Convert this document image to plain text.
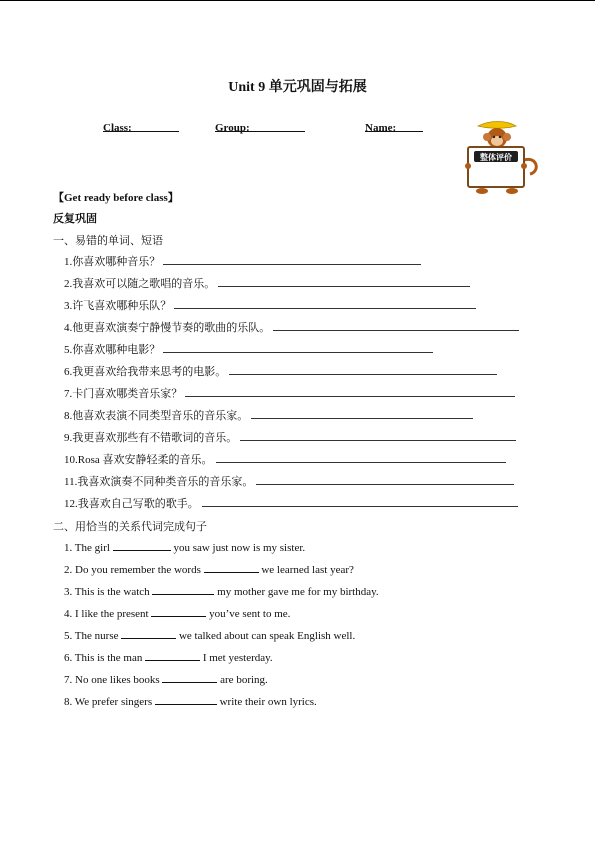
Unit 9 单元巩固与拓展
Class:	Group:	Name:
整体评价
【Get ready before class】
反复巩固
一、易错的单词、短语
1.你喜欢哪种音乐？
2.我喜欢可以随之歌唱的音乐。
3.许飞喜欢哪种乐队？
4.他更喜欢演奏宁静慢节奏的歌曲的乐队。
5.你喜欢哪种电影？
6.我更喜欢给我带来思考的电影。
7.卡门喜欢哪类音乐家？
8.他喜欢表演不同类型音乐的音乐家。
9.我更喜欢那些有不错歌词的音乐。
10.Rosa 喜欢安静轻柔的音乐。
11.我喜欢演奏不同种类音乐的音乐家。
12.我喜欢自己写歌的歌手。
二、用恰当的关系代词完成句子
1. The girl	you saw just now is my sister.
2. Do you remember the words	we learned last year?
3. This is the watch	my mother gave me for my birthday.
4. I like the present	you’ve sent to me.
5. The nurse	we talked about can speak English well.
6. This is the man	I met yesterday.
7. No one likes books	are boring.
8. We prefer singers	write their own lyrics.
